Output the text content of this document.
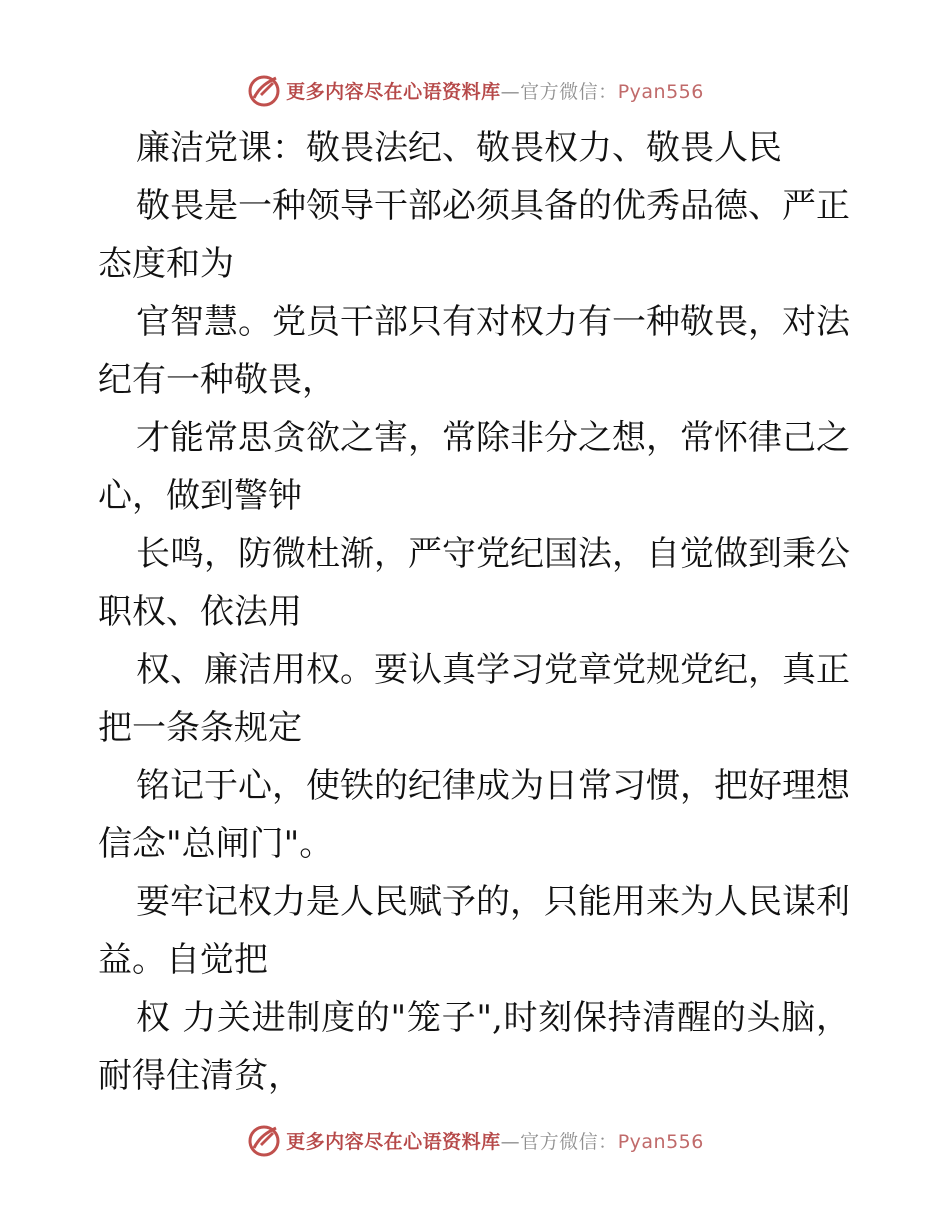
更多内容尽在心语资料库—官方微信：Pyan556
廉洁党课：敬畏法纪、敬畏权力、敬畏人民
敬畏是一种领导干部必须具备的优秀品德、严正
态度和为
官智慧。党员干部只有对权力有一种敬畏，对法
纪有一种敬畏，
才能常思贪欲之害，常除非分之想，常怀律己之
心，做到警钟
长鸣，防微杜渐，严守党纪国法，自觉做到秉公
职权、依法用
权、廉洁用权。要认真学习党章党规党纪，真正
把一条条规定
铭记于心，使铁的纪律成为日常习惯，把好理想
信念"总闸门"。
要牢记权力是人民赋予的，只能用来为人民谋利
益。自觉把
权 力关进制度的"笼子",时刻保持清醒的头脑，
耐得住清贫，
更多内容尽在心语资料库—官方微信：Pyan556
